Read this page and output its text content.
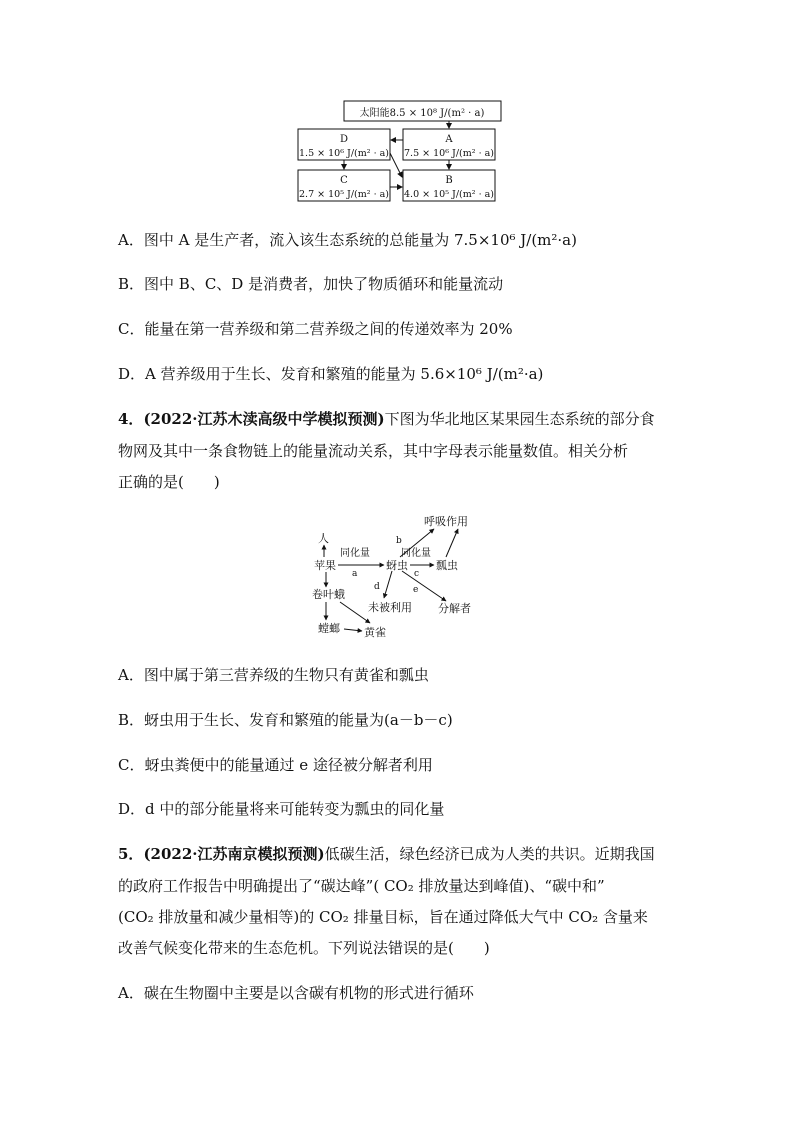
太阳能8.5 × 10⁸ J/(m² · a)
D
1.5 × 10⁶ J/(m² · a)
A
7.5 × 10⁶ J/(m² · a)
C
2.7 × 10⁵ J/(m² · a)
B
4.0 × 10⁵ J/(m² · a)
A．图中 A 是生产者，流入该生态系统的总能量为 7.5×10⁶ J/(m²·a)
B．图中 B、C、D 是消费者，加快了物质循环和能量流动
C．能量在第一营养级和第二营养级之间的传递效率为 20%
D．A 营养级用于生长、发育和繁殖的能量为 5.6×10⁶ J/(m²·a)
4．(2022·江苏木渎高级中学模拟预测)下图为华北地区某果园生态系统的部分食
物网及其中一条食物链上的能量流动关系，其中字母表示能量数值。相关分析
正确的是(　　)
人
苹果	蚜虫	瓢虫
卷叶蛾
螳螂 黄雀
呼吸作用
未被利用 分解者
同化量	同化量
a
b
c
d	e
A．图中属于第三营养级的生物只有黄雀和瓢虫
B．蚜虫用于生长、发育和繁殖的能量为(a－b－c)
C．蚜虫粪便中的能量通过 e 途径被分解者利用
D．d 中的部分能量将来可能转变为瓢虫的同化量
5．(2022·江苏南京模拟预测)低碳生活，绿色经济已成为人类的共识。近期我国
的政府工作报告中明确提出了“碳达峰”( CO₂ 排放量达到峰值)、“碳中和”
(CO₂ 排放量和减少量相等)的 CO₂ 排量目标，旨在通过降低大气中 CO₂ 含量来
改善气候变化带来的生态危机。下列说法错误的是(　　)
A．碳在生物圈中主要是以含碳有机物的形式进行循环
